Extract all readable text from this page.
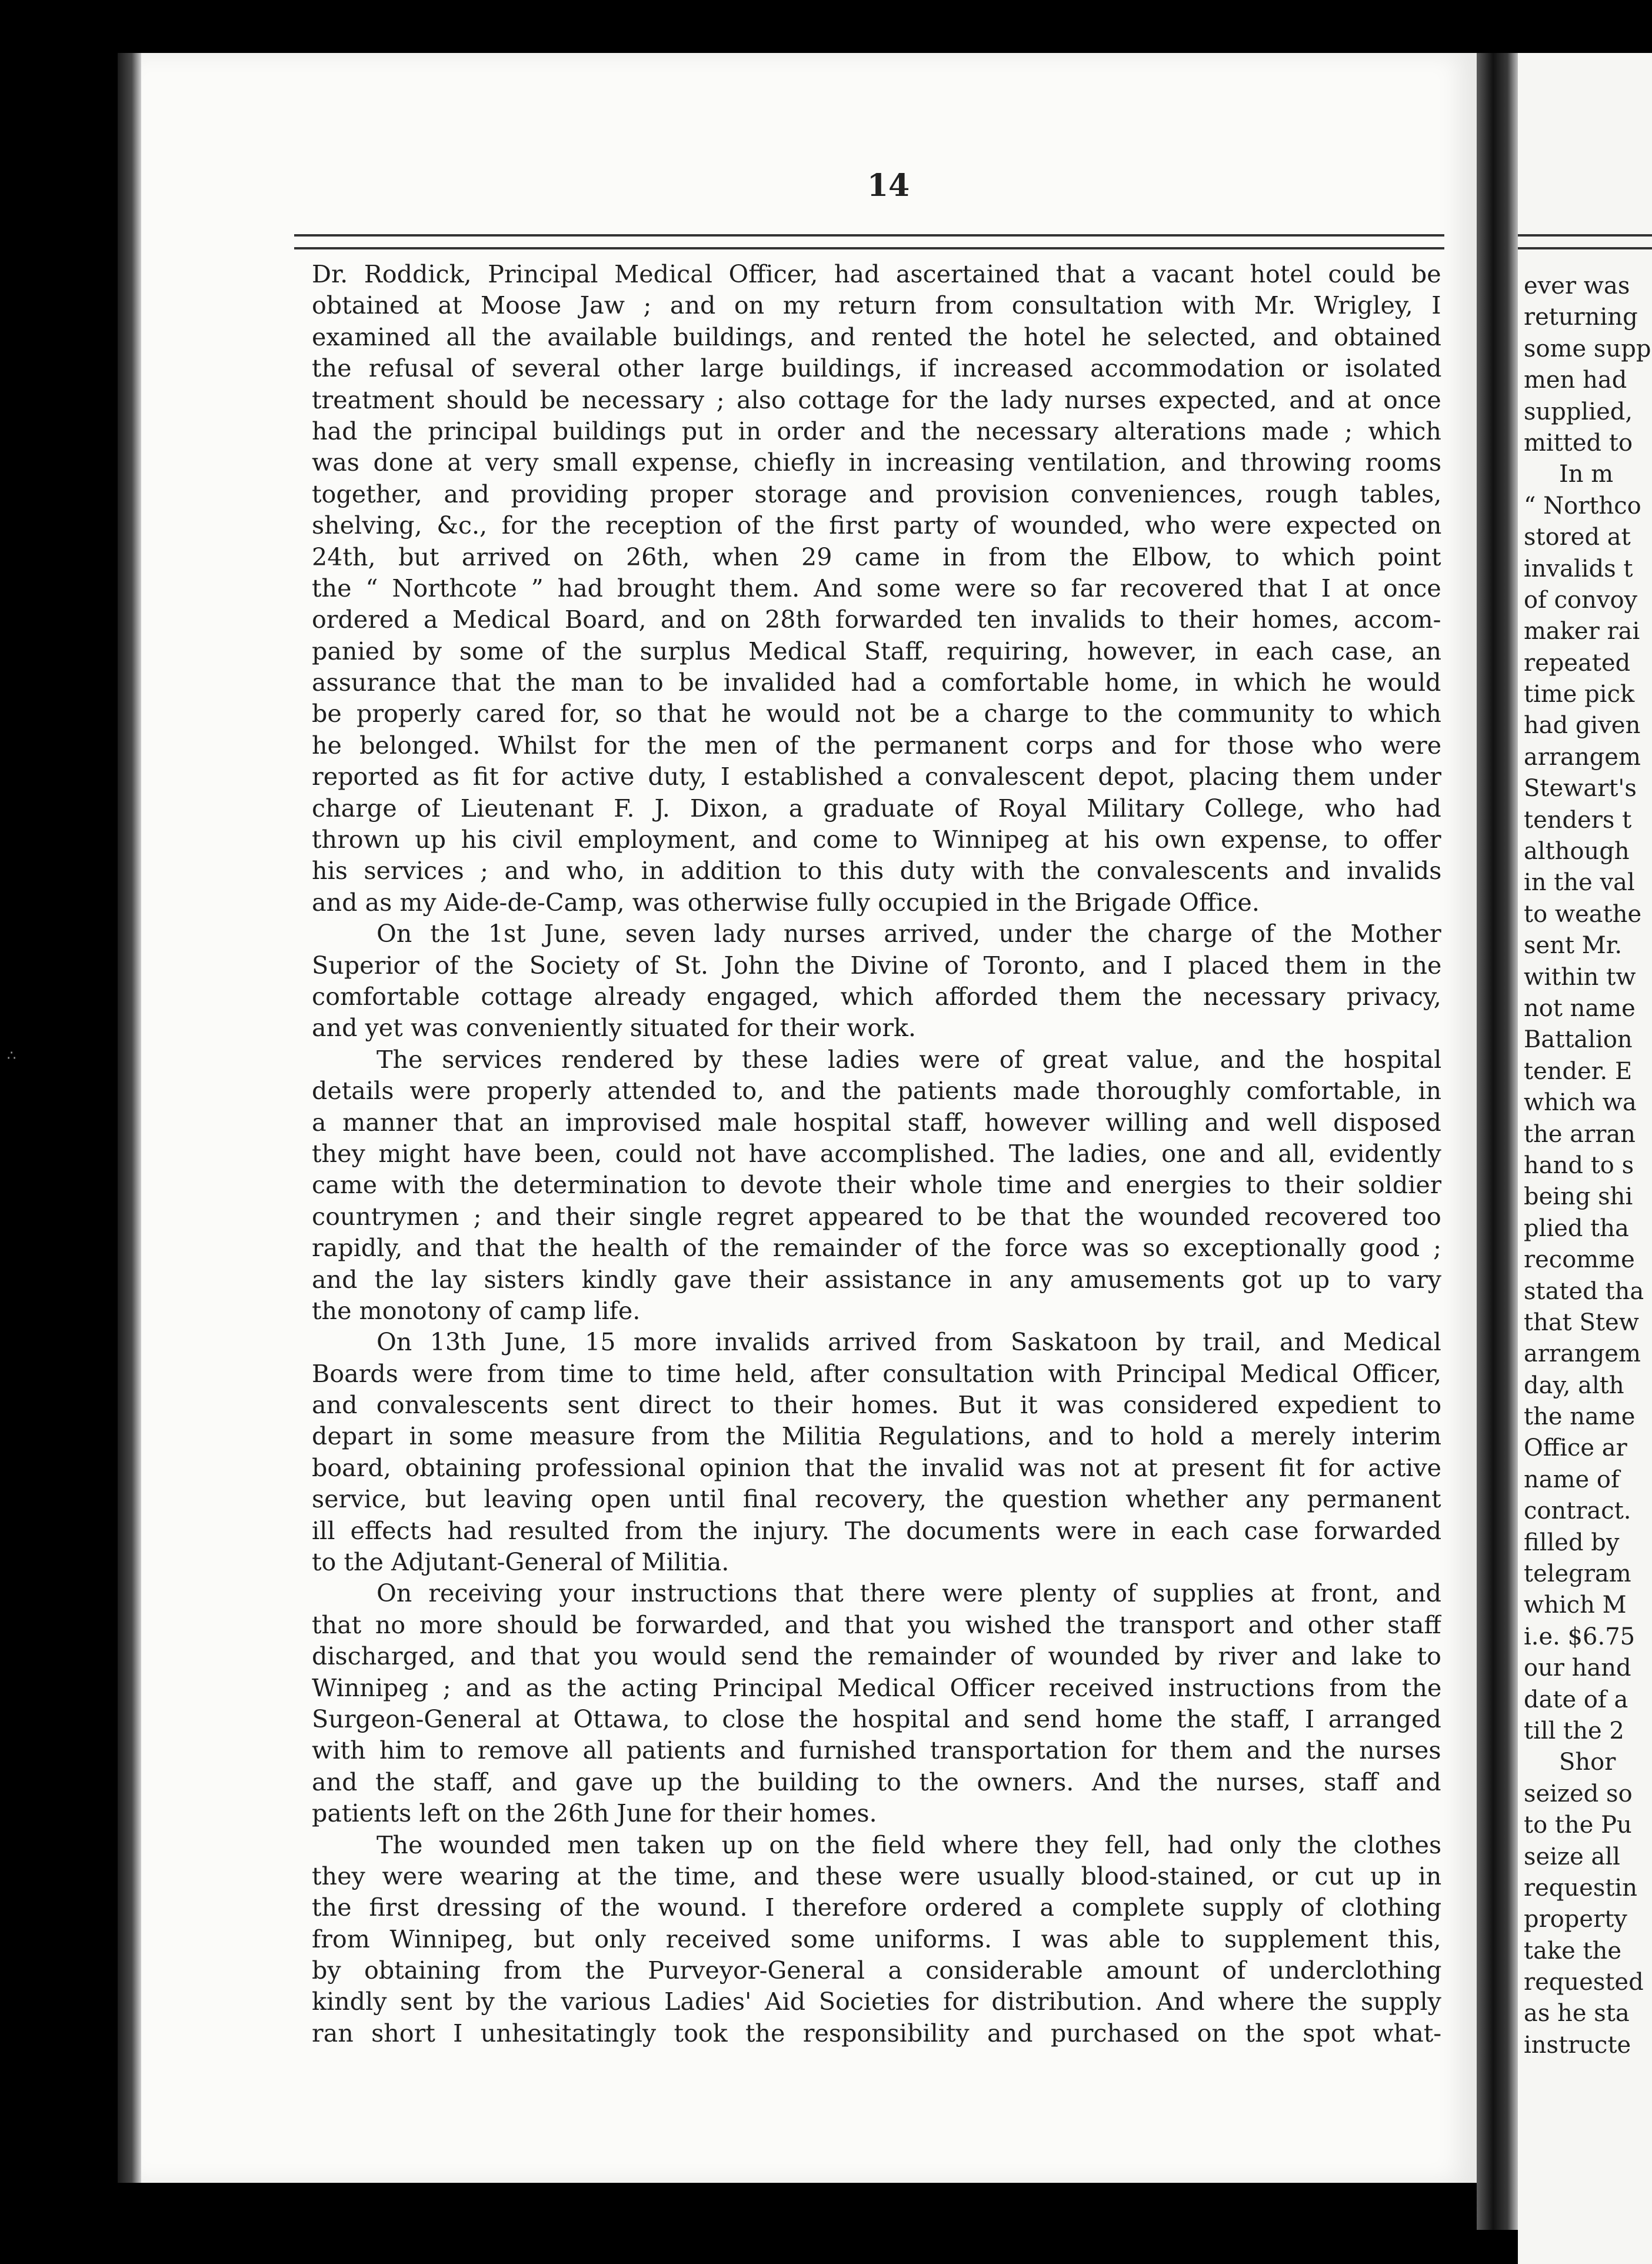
14
Dr. Roddick, Principal Medical Officer, had ascertained that a vacant hotel could be
obtained at Moose Jaw ; and on my return from consultation with Mr. Wrigley, I
examined all the available buildings, and rented the hotel he selected, and obtained
the refusal of several other large buildings, if increased accommodation or isolated
treatment should be necessary ; also cottage for the lady nurses expected, and at once
had the principal buildings put in order and the necessary alterations made ; which
was done at very small expense, chiefly in increasing ventilation, and throwing rooms
together, and providing proper storage and provision conveniences, rough tables,
shelving, &c., for the reception of the first party of wounded, who were expected on
24th, but arrived on 26th, when 29 came in from the Elbow, to which point
the “ Northcote ” had brought them. And some were so far recovered that I at once
ordered a Medical Board, and on 28th forwarded ten invalids to their homes, accom-
panied by some of the surplus Medical Staff, requiring, however, in each case, an
assurance that the man to be invalided had a comfortable home, in which he would
be properly cared for, so that he would not be a charge to the community to which
he belonged. Whilst for the men of the permanent corps and for those who were
reported as fit for active duty, I established a convalescent depot, placing them under
charge of Lieutenant F. J. Dixon, a graduate of Royal Military College, who had
thrown up his civil employment, and come to Winnipeg at his own expense, to offer
his services ; and who, in addition to this duty with the convalescents and invalids
and as my Aide-de-Camp, was otherwise fully occupied in the Brigade Office.
On the 1st June, seven lady nurses arrived, under the charge of the Mother
Superior of the Society of St. John the Divine of Toronto, and I placed them in the
comfortable cottage already engaged, which afforded them the necessary privacy,
and yet was conveniently situated for their work.
The services rendered by these ladies were of great value, and the hospital
details were properly attended to, and the patients made thoroughly comfortable, in
a manner that an improvised male hospital staff, however willing and well disposed
they might have been, could not have accomplished. The ladies, one and all, evidently
came with the determination to devote their whole time and energies to their soldier
countrymen ; and their single regret appeared to be that the wounded recovered too
rapidly, and that the health of the remainder of the force was so exceptionally good ;
and the lay sisters kindly gave their assistance in any amusements got up to vary
the monotony of camp life.
On 13th June, 15 more invalids arrived from Saskatoon by trail, and Medical
Boards were from time to time held, after consultation with Principal Medical Officer,
and convalescents sent direct to their homes. But it was considered expedient to
depart in some measure from the Militia Regulations, and to hold a merely interim
board, obtaining professional opinion that the invalid was not at present fit for active
service, but leaving open until final recovery, the question whether any permanent
ill effects had resulted from the injury. The documents were in each case forwarded
to the Adjutant-General of Militia.
On receiving your instructions that there were plenty of supplies at front, and
that no more should be forwarded, and that you wished the transport and other staff
discharged, and that you would send the remainder of wounded by river and lake to
Winnipeg ; and as the acting Principal Medical Officer received instructions from the
Surgeon-General at Ottawa, to close the hospital and send home the staff, I arranged
with him to remove all patients and furnished transportation for them and the nurses
and the staff, and gave up the building to the owners. And the nurses, staff and
patients left on the 26th June for their homes.
The wounded men taken up on the field where they fell, had only the clothes
they were wearing at the time, and these were usually blood-stained, or cut up in
the first dressing of the wound. I therefore ordered a complete supply of clothing
from Winnipeg, but only received some uniforms. I was able to supplement this,
by obtaining from the Purveyor-General a considerable amount of underclothing
kindly sent by the various Ladies' Aid Societies for distribution. And where the supply
ran short I unhesitatingly took the responsibility and purchased on the spot what-
ever was
returning
some supp
men had
supplied,
mitted to
In m
“ Northco
stored at
invalids t
of convoy
maker rai
repeated
time pick
had given
arrangem
Stewart's
tenders t
although
in the val
to weathe
sent Mr.
within tw
not name
Battalion
tender. E
which wa
the arran
hand to s
being shi
plied tha
recomme
stated tha
that Stew
arrangem
day, alth
the name
Office ar
name of
contract.
filled by
telegram
which M
i.e. $6.75
our hand
date of a
till the 2
Shor
seized so
to the Pu
seize all
requestin
property
take the
requested
as he sta
instructe
∴
